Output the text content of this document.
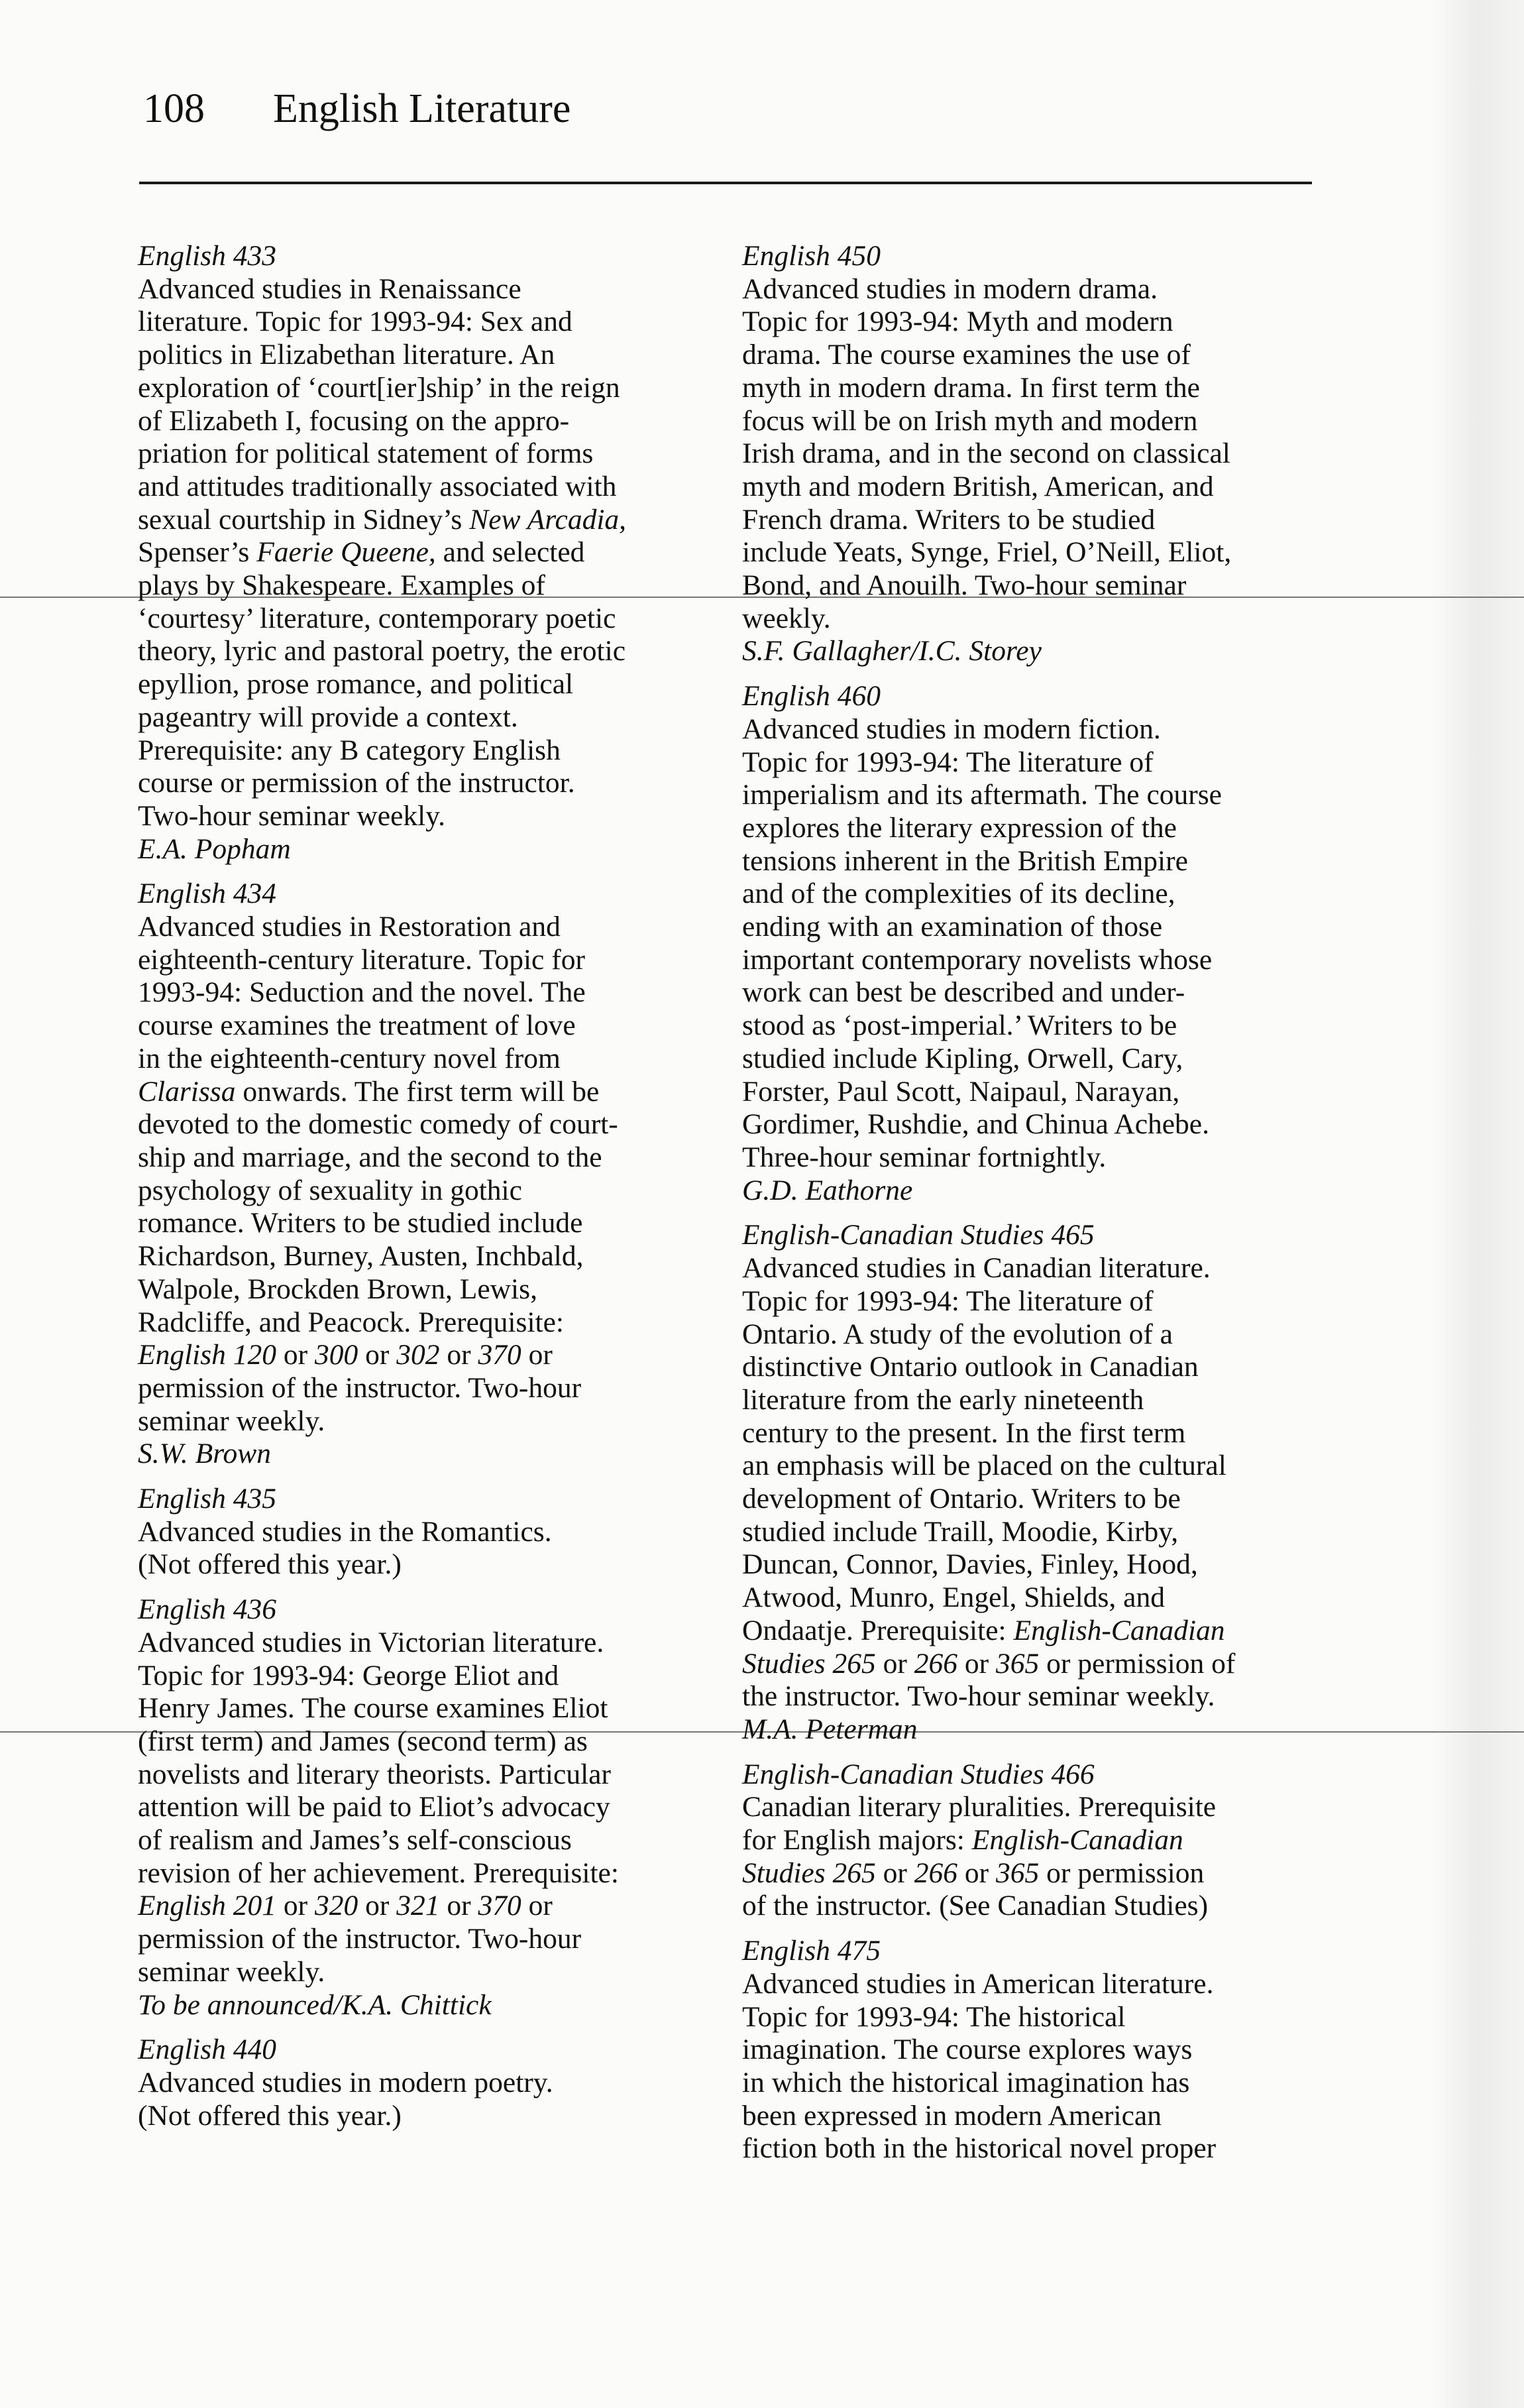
108 English Literature
English 433
Advanced studies in Renaissance
literature. Topic for 1993-94: Sex and
politics in Elizabethan literature. An
exploration of ‘court[ier]ship’ in the reign
of Elizabeth I, focusing on the appro-
priation for political statement of forms
and attitudes traditionally associated with
sexual courtship in Sidney’s New Arcadia,
Spenser’s Faerie Queene, and selected
plays by Shakespeare. Examples of
‘courtesy’ literature, contemporary poetic
theory, lyric and pastoral poetry, the erotic
epyllion, prose romance, and political
pageantry will provide a context.
Prerequisite: any B category English
course or permission of the instructor.
Two-hour seminar weekly.
E.A. Popham
English 434
Advanced studies in Restoration and
eighteenth-century literature. Topic for
1993-94: Seduction and the novel. The
course examines the treatment of love
in the eighteenth-century novel from
Clarissa onwards. The first term will be
devoted to the domestic comedy of court-
ship and marriage, and the second to the
psychology of sexuality in gothic
romance. Writers to be studied include
Richardson, Burney, Austen, Inchbald,
Walpole, Brockden Brown, Lewis,
Radcliffe, and Peacock. Prerequisite:
English 120 or 300 or 302 or 370 or
permission of the instructor. Two-hour
seminar weekly.
S.W. Brown
English 435
Advanced studies in the Romantics.
(Not offered this year.)
English 436
Advanced studies in Victorian literature.
Topic for 1993-94: George Eliot and
Henry James. The course examines Eliot
(first term) and James (second term) as
novelists and literary theorists. Particular
attention will be paid to Eliot’s advocacy
of realism and James’s self-conscious
revision of her achievement. Prerequisite:
English 201 or 320 or 321 or 370 or
permission of the instructor. Two-hour
seminar weekly.
To be announced/K.A. Chittick
English 440
Advanced studies in modern poetry.
(Not offered this year.)
English 450
Advanced studies in modern drama.
Topic for 1993-94: Myth and modern
drama. The course examines the use of
myth in modern drama. In first term the
focus will be on Irish myth and modern
Irish drama, and in the second on classical
myth and modern British, American, and
French drama. Writers to be studied
include Yeats, Synge, Friel, O’Neill, Eliot,
Bond, and Anouilh. Two-hour seminar
weekly.
S.F. Gallagher/I.C. Storey
English 460
Advanced studies in modern fiction.
Topic for 1993-94: The literature of
imperialism and its aftermath. The course
explores the literary expression of the
tensions inherent in the British Empire
and of the complexities of its decline,
ending with an examination of those
important contemporary novelists whose
work can best be described and under-
stood as ‘post-imperial.’ Writers to be
studied include Kipling, Orwell, Cary,
Forster, Paul Scott, Naipaul, Narayan,
Gordimer, Rushdie, and Chinua Achebe.
Three-hour seminar fortnightly.
G.D. Eathorne
English-Canadian Studies 465
Advanced studies in Canadian literature.
Topic for 1993-94: The literature of
Ontario. A study of the evolution of a
distinctive Ontario outlook in Canadian
literature from the early nineteenth
century to the present. In the first term
an emphasis will be placed on the cultural
development of Ontario. Writers to be
studied include Traill, Moodie, Kirby,
Duncan, Connor, Davies, Finley, Hood,
Atwood, Munro, Engel, Shields, and
Ondaatje. Prerequisite: English-Canadian
Studies 265 or 266 or 365 or permission of
the instructor. Two-hour seminar weekly.
M.A. Peterman
English-Canadian Studies 466
Canadian literary pluralities. Prerequisite
for English majors: English-Canadian
Studies 265 or 266 or 365 or permission
of the instructor. (See Canadian Studies)
English 475
Advanced studies in American literature.
Topic for 1993-94: The historical
imagination. The course explores ways
in which the historical imagination has
been expressed in modern American
fiction both in the historical novel proper
